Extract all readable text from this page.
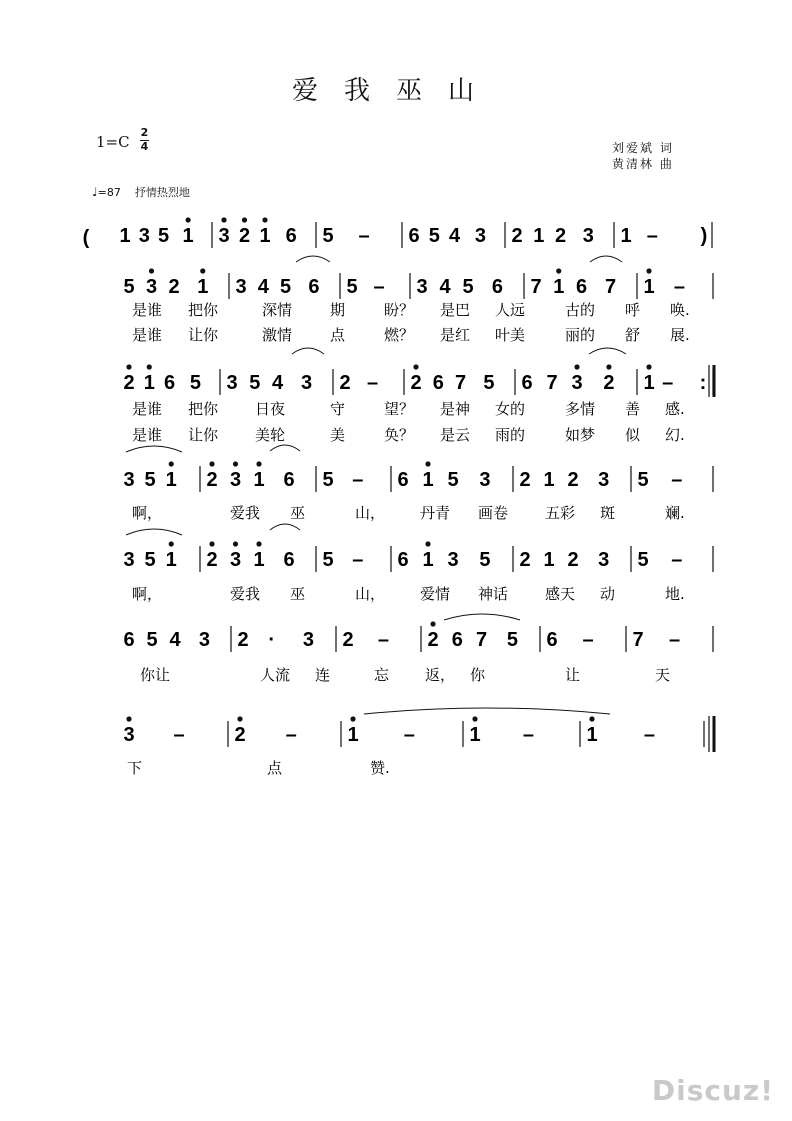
爱我巫山
1=C
2
4	刘爱斌 词
黄清林 曲
♩=87 抒情热烈地
1 3 5 1 3 2 1 6 5 – 6 5 4 3 2 1 2 3 1 – )
5 3 2 1 3 4 5 6 5 – 3 4 5 6 7 1 6 7 1 –
2 1 6 5 3 5 4 3 2 – 2 6 7 5 6 7 3 2 1 – :
3 5 1 2 3 1 6 5 – 6 1 5 3 2 1 2 3 5 –
3 5 1 2 3 1 6 5 – 6 1 3 5 2 1 2 3 5 –
6 5 4 3 2 · 3 2 – 2 6 7 5 6 – 7 –
3 – 2 –	1 –	1 –	1 –
(
是谁 把你	深情	期	盼？ 是巴 人远	古的 呼 唤.
是谁 让你	激情	点	燃？ 是红 叶美	丽的 舒 展.
是谁 把你 日夜	守	望？ 是神 女的	多情 善 感.
是谁 让你 美轮	美	奂？ 是云 雨的	如梦 似 幻.
啊，	爱我 巫	山， 丹青 画卷 五彩 斑	斓.
啊，	爱我 巫	山， 爱情 神话 感天 动	地.
你让	人流 连	忘 返， 你	让	天
下	点	赞.
Discuz!
